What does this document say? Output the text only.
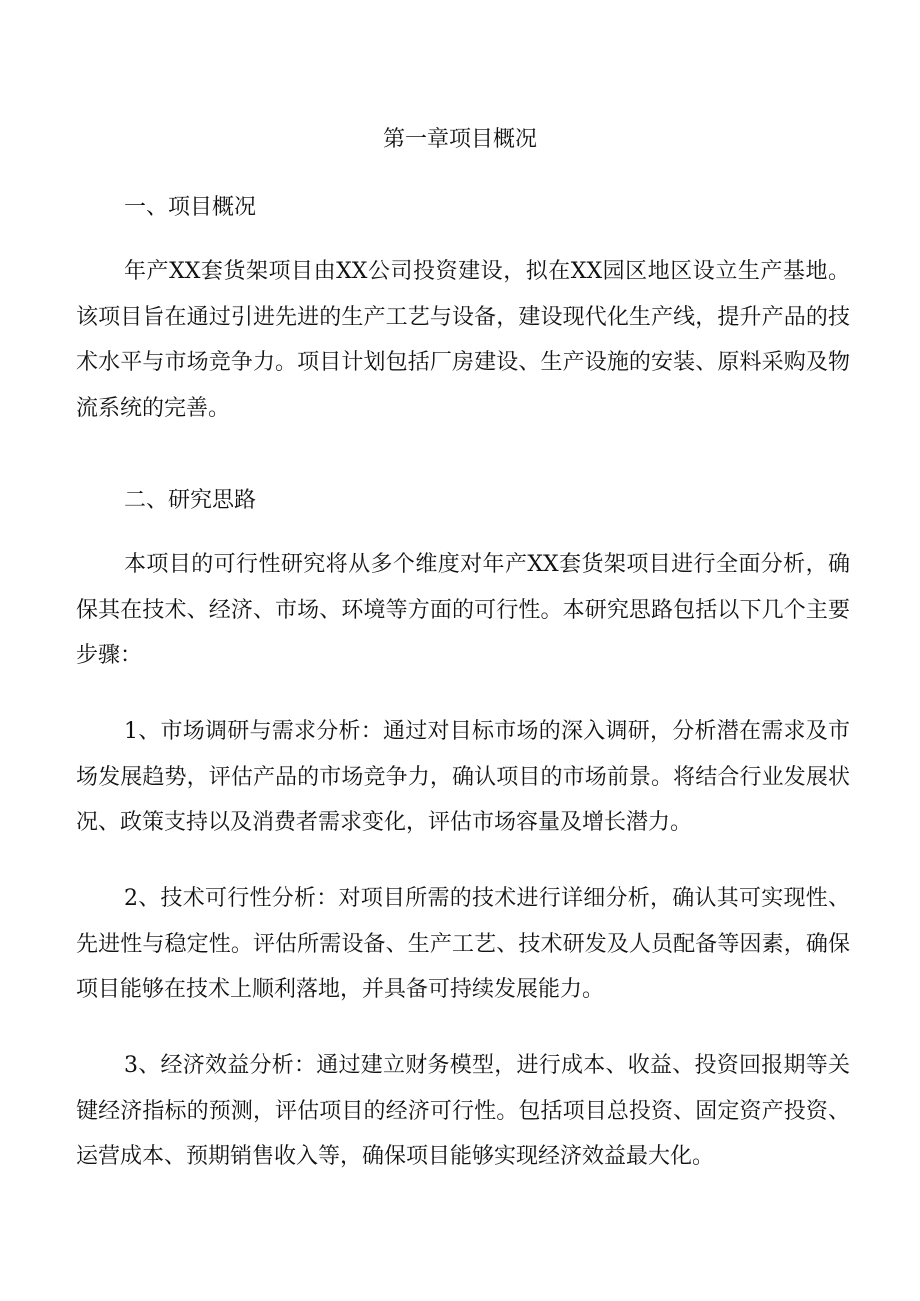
第一章项目概况
一、项目概况

年产XX套货架项目由XX公司投资建设，拟在XX园区地区设立生产基地。该项目旨在通过引进先进的生产工艺与设备，建设现代化生产线，提升产品的技术水平与市场竞争力。项目计划包括厂房建设、生产设施的安装、原料采购及物流系统的完善。

二、研究思路

本项目的可行性研究将从多个维度对年产XX套货架项目进行全面分析，确保其在技术、经济、市场、环境等方面的可行性。本研究思路包括以下几个主要步骤：

1、市场调研与需求分析：通过对目标市场的深入调研，分析潜在需求及市场发展趋势，评估产品的市场竞争力，确认项目的市场前景。将结合行业发展状况、政策支持以及消费者需求变化，评估市场容量及增长潜力。

2、技术可行性分析：对项目所需的技术进行详细分析，确认其可实现性、先进性与稳定性。评估所需设备、生产工艺、技术研发及人员配备等因素，确保项目能够在技术上顺利落地，并具备可持续发展能力。

3、经济效益分析：通过建立财务模型，进行成本、收益、投资回报期等关键经济指标的预测，评估项目的经济可行性。包括项目总投资、固定资产投资、运营成本、预期销售收入等，确保项目能够实现经济效益最大化。
